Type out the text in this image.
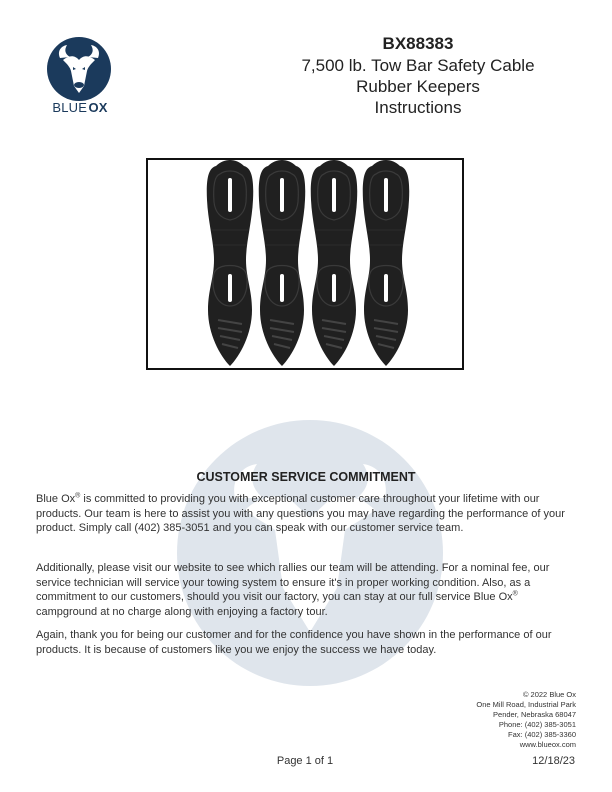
BLUE OX
BX88383
7,500 lb. Tow Bar Safety Cable
Rubber Keepers
Instructions
CUSTOMER SERVICE COMMITMENT
Blue Ox® is committed to providing you with exceptional customer care throughout your lifetime with our products. Our team is here to assist you with any questions you may have regarding the performance of your product. Simply call (402) 385-3051 and you can speak with our customer service team.
Additionally, please visit our website to see which rallies our team will be attending. For a nominal fee, our service technician will service your towing system to ensure it's in proper working condition. Also, as a commitment to our customers, should you visit our factory, you can stay at our full service Blue Ox® campground at no charge along with enjoying a factory tour.
Again, thank you for being our customer and for the confidence you have shown in the performance of our products. It is because of customers like you we enjoy the success we have today.
© 2022 Blue Ox
One Mill Road, Industrial Park
Pender, Nebraska 68047
Phone: (402) 385-3051
Fax: (402) 385-3360
www.blueox.com
Page 1 of 1	12/18/23
